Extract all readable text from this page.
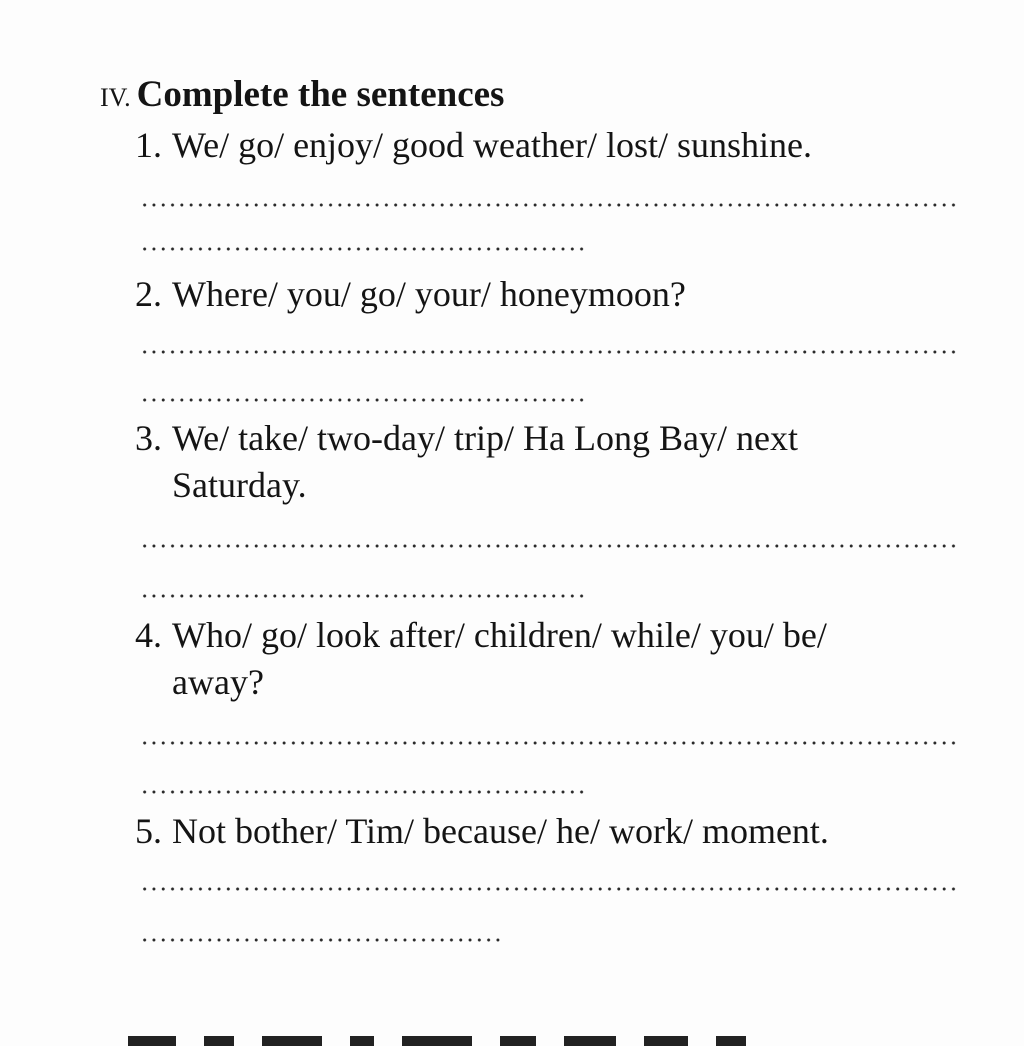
IV. Complete the sentences
1. We/ go/ enjoy/ good weather/ lost/ sunshine.
2. Where/ you/ go/ your/ honeymoon?
3. We/ take/ two-day/ trip/ Ha Long Bay/ next
Saturday.
4. Who/ go/ look after/ children/ while/ you/ be/
away?
5. Not bother/ Tim/ because/ he/ work/ moment.
